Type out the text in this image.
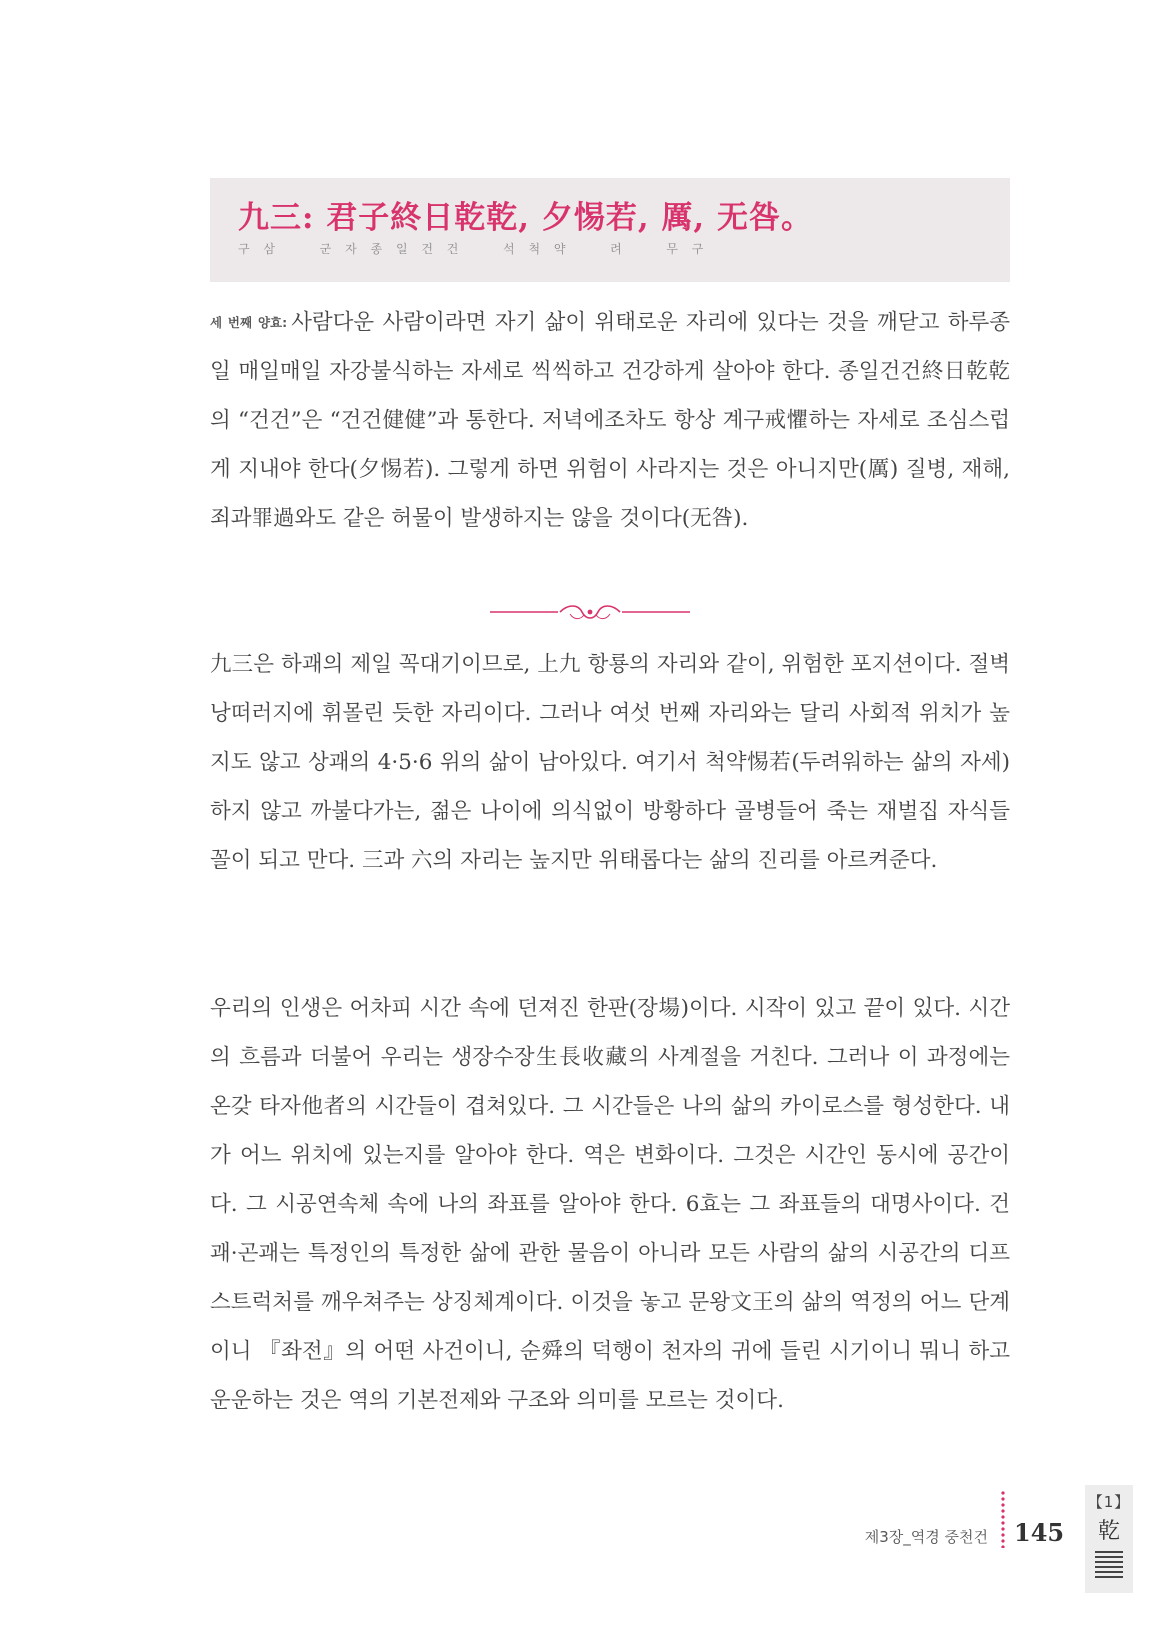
九三: 君子終日乾乾, 夕惕若, 厲, 无咎。
구 삼	군 자 종 일 건 건	석 척 약	려	무 구

세 번째 양효: 사람다운 사람이라면 자기 삶이 위태로운 자리에 있다는 것을 깨닫고 하루종일 매일매일 자강불식하는 자세로 씩씩하고 건강하게 살아야 한다. 종일건건終日乾乾의 “건건”은 “건건健健”과 통한다. 저녁에조차도 항상 계구戒懼하는 자세로 조심스럽게 지내야 한다(夕惕若). 그렇게 하면 위험이 사라지는 것은 아니지만(厲) 질병, 재해, 죄과罪過와도 같은 허물이 발생하지는 않을 것이다(无咎).

九三은 하괘의 제일 꼭대기이므로, 上九 항룡의 자리와 같이, 위험한 포지션이다. 절벽 낭떠러지에 휘몰린 듯한 자리이다. 그러나 여섯 번째 자리와는 달리 사회적 위치가 높지도 않고 상괘의 4·5·6 위의 삶이 남아있다. 여기서 척약惕若(두려워하는 삶의 자세)하지 않고 까불다가는, 젊은 나이에 의식없이 방황하다 골병들어 죽는 재벌집 자식들 꼴이 되고 만다. 三과 六의 자리는 높지만 위태롭다는 삶의 진리를 아르켜준다.

우리의 인생은 어차피 시간 속에 던져진 한판(장場)이다. 시작이 있고 끝이 있다. 시간의 흐름과 더불어 우리는 생장수장生長收藏의 사계절을 거친다. 그러나 이 과정에는 온갖 타자他者의 시간들이 겹쳐있다. 그 시간들은 나의 삶의 카이로스를 형성한다. 내가 어느 위치에 있는지를 알아야 한다. 역은 변화이다. 그것은 시간인 동시에 공간이다. 그 시공연속체 속에 나의 좌표를 알아야 한다. 6효는 그 좌표들의 대명사이다. 건괘·곤괘는 특정인의 특정한 삶에 관한 물음이 아니라 모든 사람의 삶의 시공간의 디프 스트럭처를 깨우쳐주는 상징체계이다. 이것을 놓고 문왕文王의 삶의 역정의 어느 단계이니 『좌전』의 어떤 사건이니, 순舜의 덕행이 천자의 귀에 들린 시기이니 뭐니 하고 운운하는 것은 역의 기본전제와 구조와 의미를 모르는 것이다.

제3장_역경 중천건 145
【1】
乾
